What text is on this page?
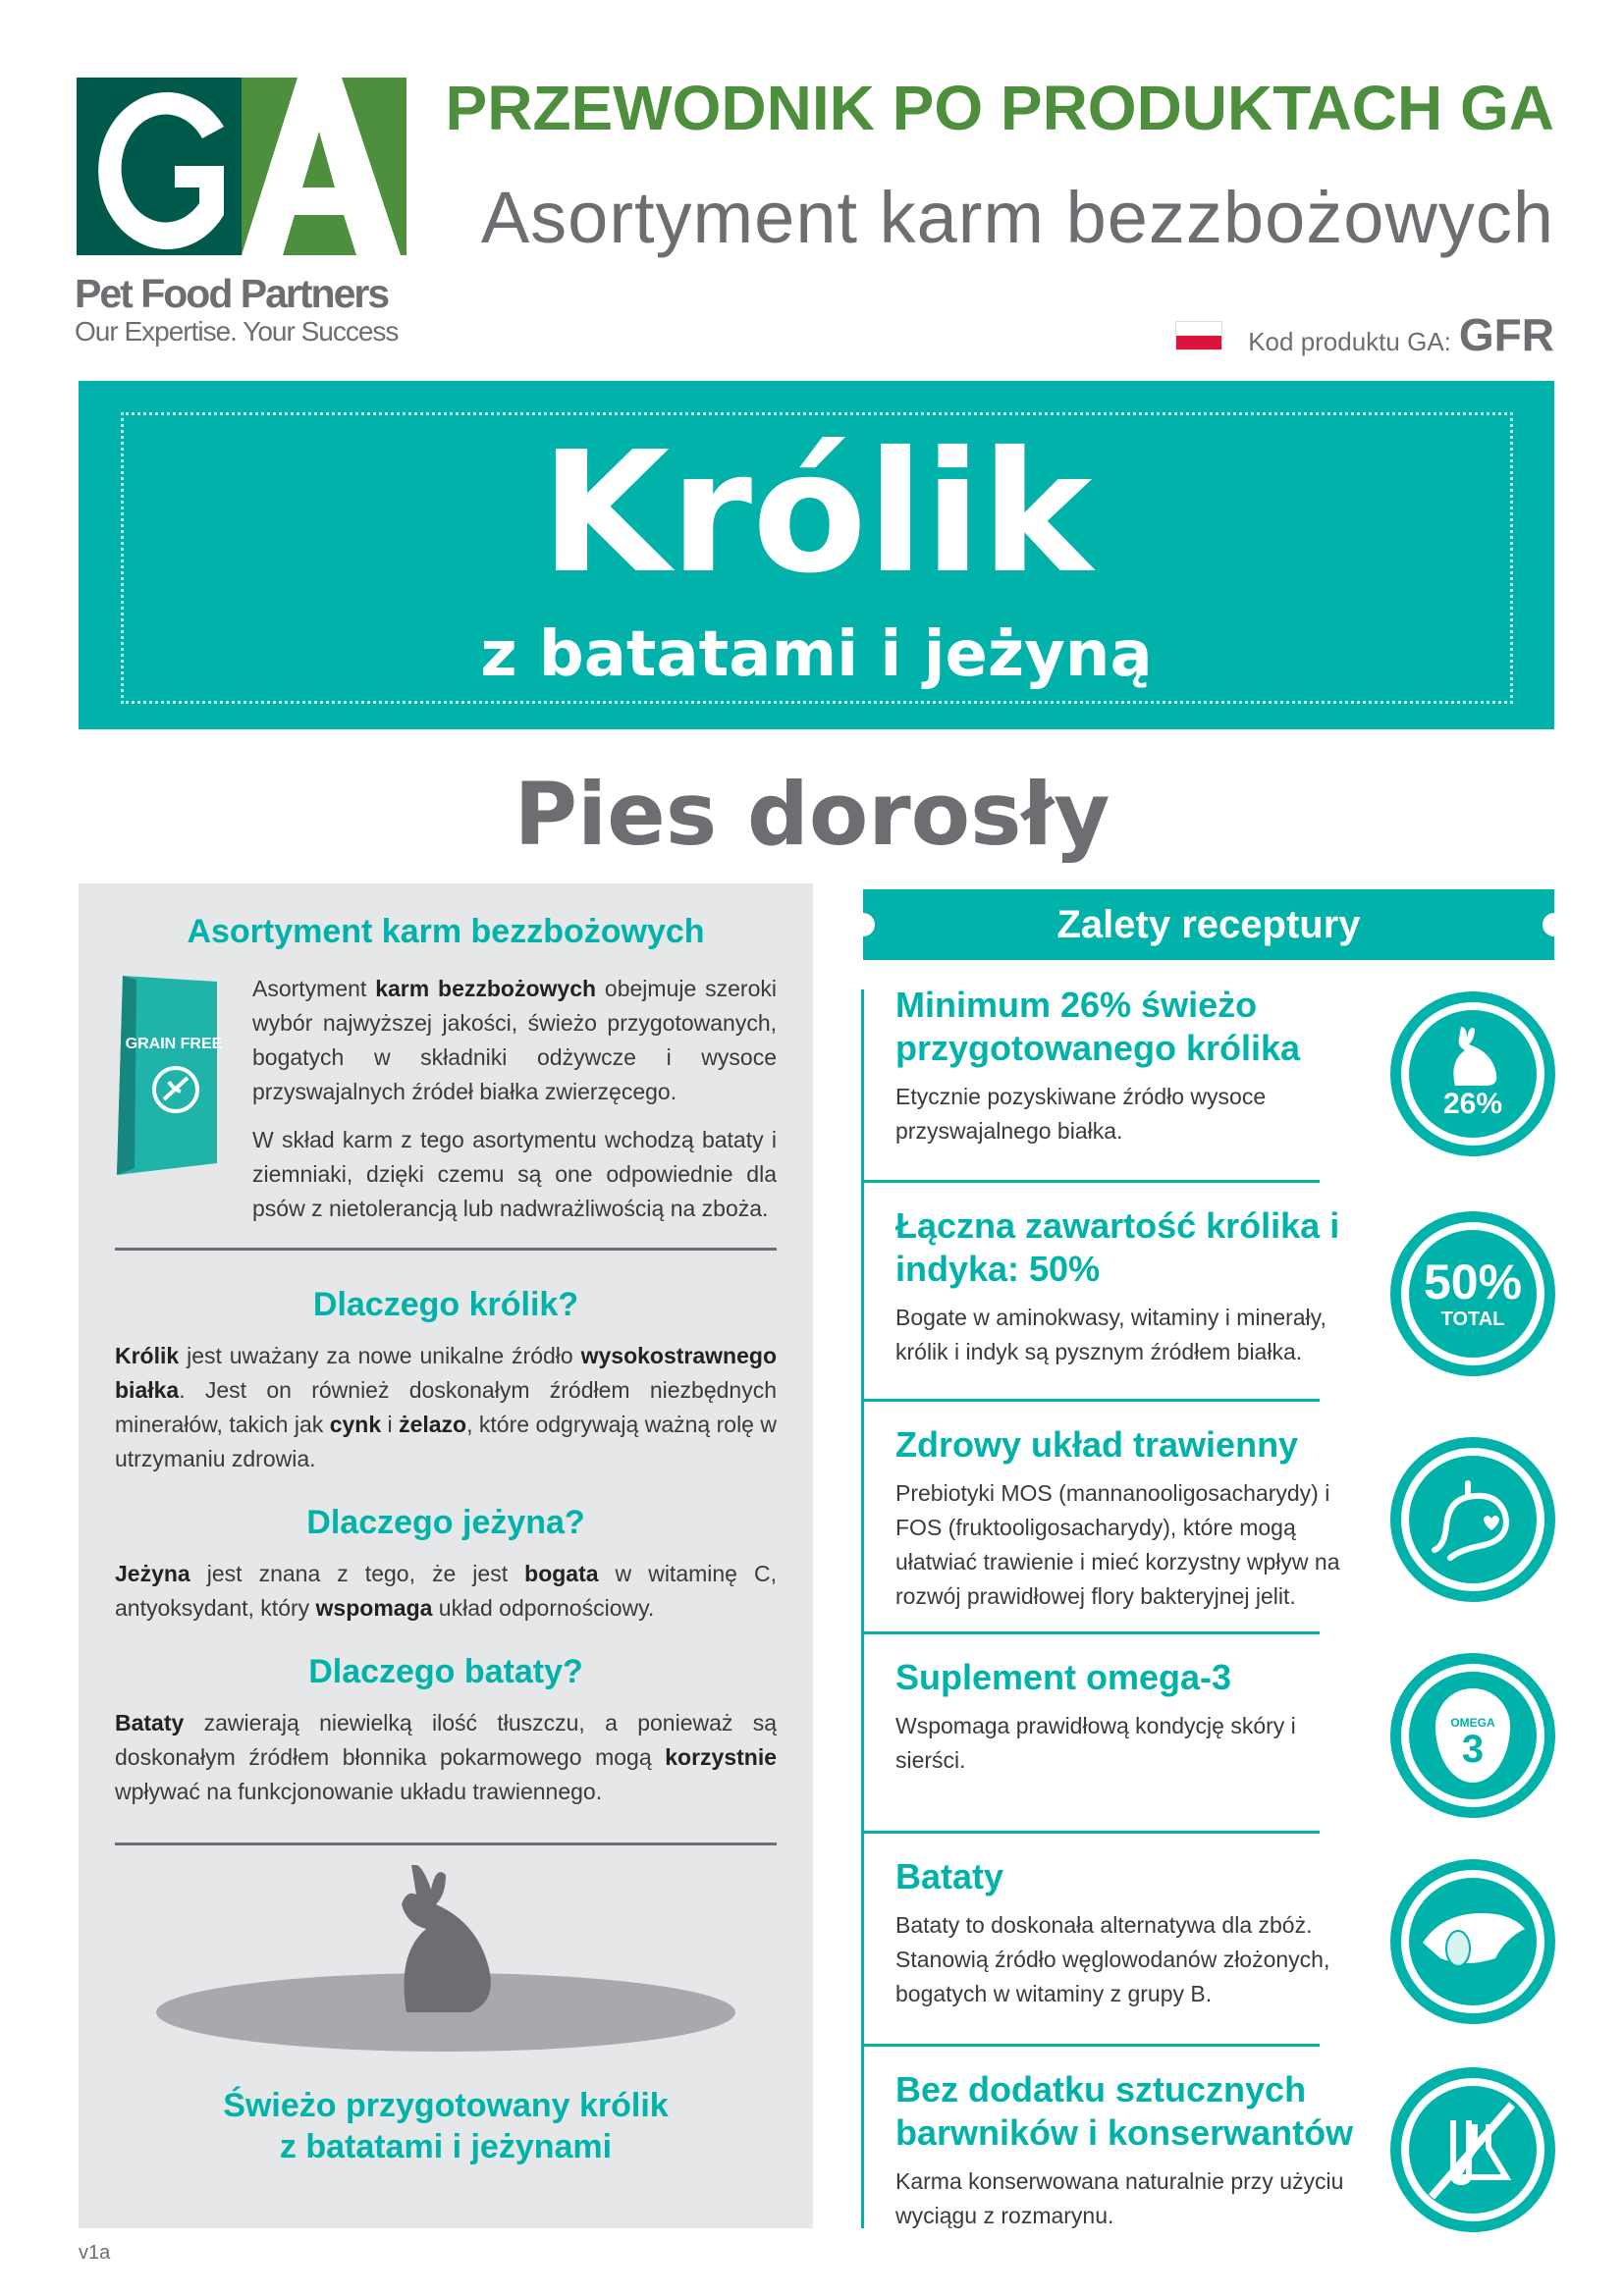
Pet Food Partners
Our Expertise. Your Success
PRZEWODNIK PO PRODUKTACH GA
Asortyment karm bezzbożowych
Kod produktu GA: GFR
Królik
z batatami i jeżyną
Pies dorosły
Asortyment karm bezzbożowych
GRAIN FREE
Asortyment karm bezzbożowych obejmuje szeroki wybór najwyższej jakości, świeżo przygotowanych, bogatych w składniki odżywcze i wysoce przyswajalnych źródeł białka zwierzęcego.
W skład karm z tego asortymentu wchodzą bataty i ziemniaki, dzięki czemu są one odpowiednie dla psów z nietolerancją lub nadwrażliwością na zboża.
Dlaczego królik?
Królik jest uważany za nowe unikalne źródło wysokostrawnego białka. Jest on również doskonałym źródłem niezbędnych minerałów, takich jak cynk i żelazo, które odgrywają ważną rolę w utrzymaniu zdrowia.
Dlaczego jeżyna?
Jeżyna jest znana z tego, że jest bogata w witaminę C, antyoksydant, który wspomaga układ odpornościowy.
Dlaczego bataty?
Bataty zawierają niewielką ilość tłuszczu, a ponieważ są doskonałym źródłem błonnika pokarmowego mogą korzystnie wpływać na funkcjonowanie układu trawiennego.
Świeżo przygotowany królik
z batatami i jeżynami
Zalety receptury
Minimum 26% świeżo przygotowanego królika

Etycznie pozyskiwane źródło wysoce przyswajalnego białka.

26%
Łączna zawartość królika i indyka: 50%

Bogate w aminokwasy, witaminy i minerały, królik i indyk są pysznym źródłem białka.

50%
TOTAL
Zdrowy układ trawienny

Prebiotyki MOS (mannanooligosacharydy) i FOS (fruktooligosacharydy), które mogą ułatwiać trawienie i mieć korzystny wpływ na rozwój prawidłowej flory bakteryjnej jelit.

Suplement omega-3

Wspomaga prawidłową kondycję skóry i sierści.

OMEGA
3
Bataty

Bataty to doskonała alternatywa dla zbóż. Stanowią źródło węglowodanów złożonych, bogatych w witaminy z grupy B.

Bez dodatku sztucznych barwników i konserwantów

Karma konserwowana naturalnie przy użyciu wyciągu z rozmarynu.

v1a
